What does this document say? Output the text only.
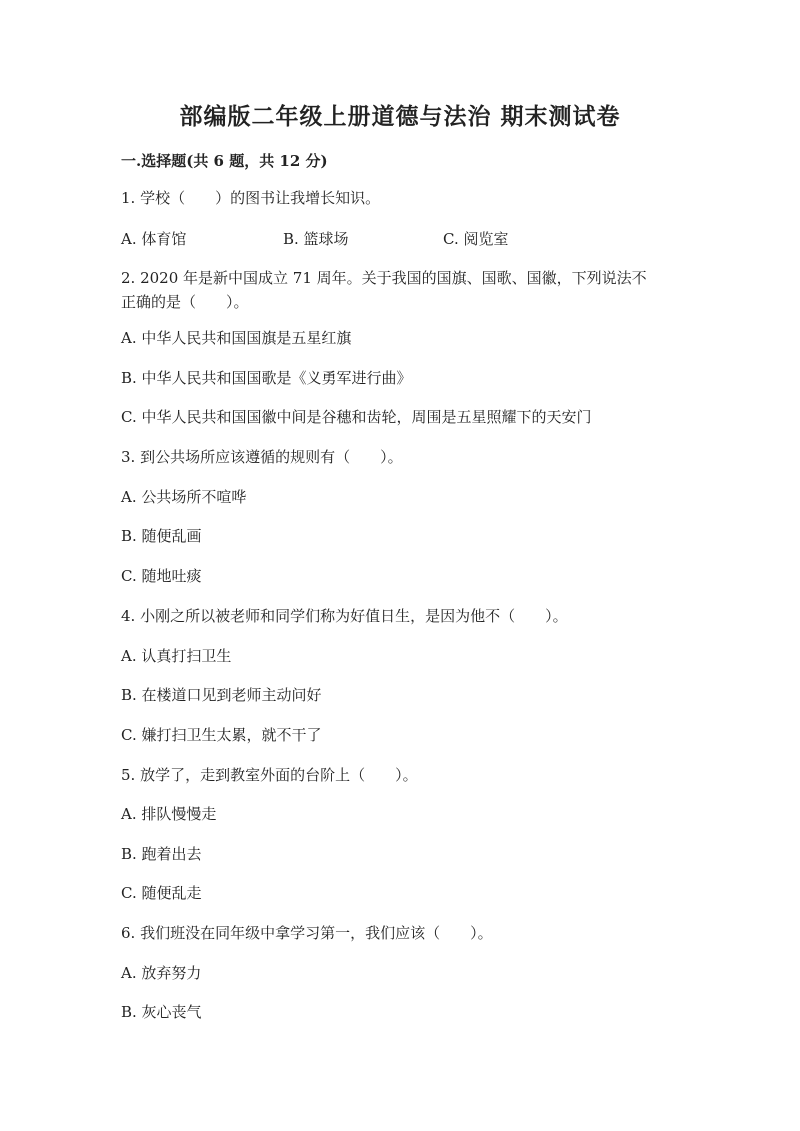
部编版二年级上册道德与法治 期末测试卷
一.选择题(共 6 题，共 12 分)
1. 学校（　　）的图书让我增长知识。
A. 体育馆	B. 篮球场	C. 阅览室
2. 2020 年是新中国成立 71 周年。关于我国的国旗、国歌、国徽，下列说法不
正确的是（　　）。
A. 中华人民共和国国旗是五星红旗
B. 中华人民共和国国歌是《义勇军进行曲》
C. 中华人民共和国国徽中间是谷穗和齿轮，周围是五星照耀下的天安门
3. 到公共场所应该遵循的规则有（　　）。
A. 公共场所不喧哗
B. 随便乱画
C. 随地吐痰
4. 小刚之所以被老师和同学们称为好值日生，是因为他不（　　）。
A. 认真打扫卫生
B. 在楼道口见到老师主动问好
C. 嫌打扫卫生太累，就不干了
5. 放学了，走到教室外面的台阶上（　　）。
A. 排队慢慢走
B. 跑着出去
C. 随便乱走
6. 我们班没在同年级中拿学习第一，我们应该（　　）。
A. 放弃努力
B. 灰心丧气
